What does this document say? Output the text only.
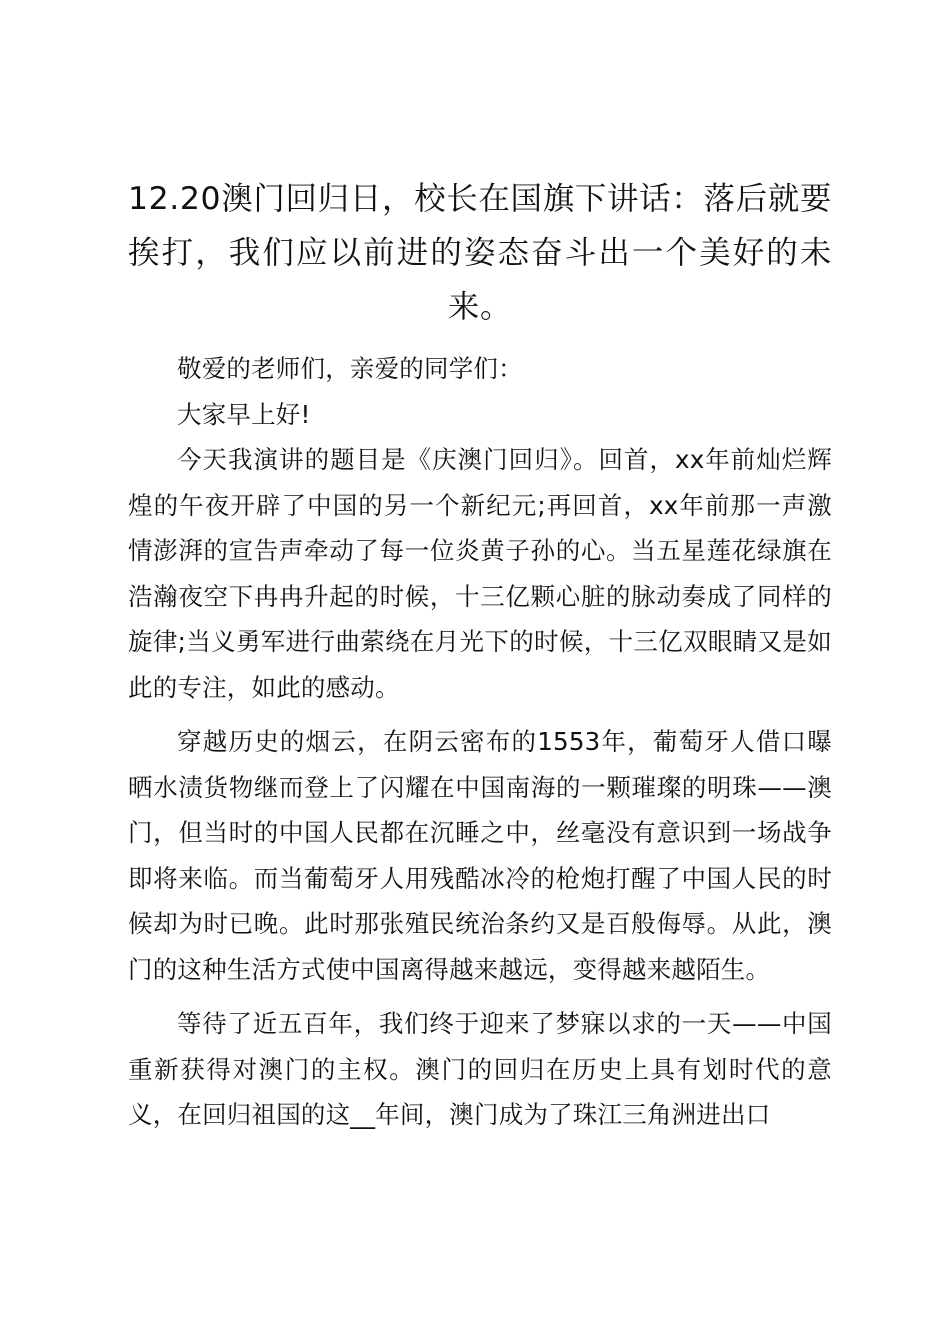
12.20澳门回归日，校长在国旗下讲话：落后就要挨打，我们应以前进的姿态奋斗出一个美好的未来。

敬爱的老师们，亲爱的同学们：

大家早上好!

今天我演讲的题目是《庆澳门回归》。回首，xx年前灿烂辉煌的午夜开辟了中国的另一个新纪元;再回首，xx年前那一声激情澎湃的宣告声牵动了每一位炎黄子孙的心。当五星莲花绿旗在浩瀚夜空下冉冉升起的时候，十三亿颗心脏的脉动奏成了同样的旋律;当义勇军进行曲萦绕在月光下的时候，十三亿双眼睛又是如此的专注，如此的感动。

穿越历史的烟云，在阴云密布的1553年，葡萄牙人借口曝晒水渍货物继而登上了闪耀在中国南海的一颗璀璨的明珠——澳门，但当时的中国人民都在沉睡之中，丝毫没有意识到一场战争即将来临。而当葡萄牙人用残酷冰冷的枪炮打醒了中国人民的时候却为时已晚。此时那张殖民统治条约又是百般侮辱。从此，澳门的这种生活方式使中国离得越来越远，变得越来越陌生。

等待了近五百年，我们终于迎来了梦寐以求的一天——中国重新获得对澳门的主权。澳门的回归在历史上具有划时代的意义，在回归祖国的这__年间，澳门成为了珠江三角洲进出口
